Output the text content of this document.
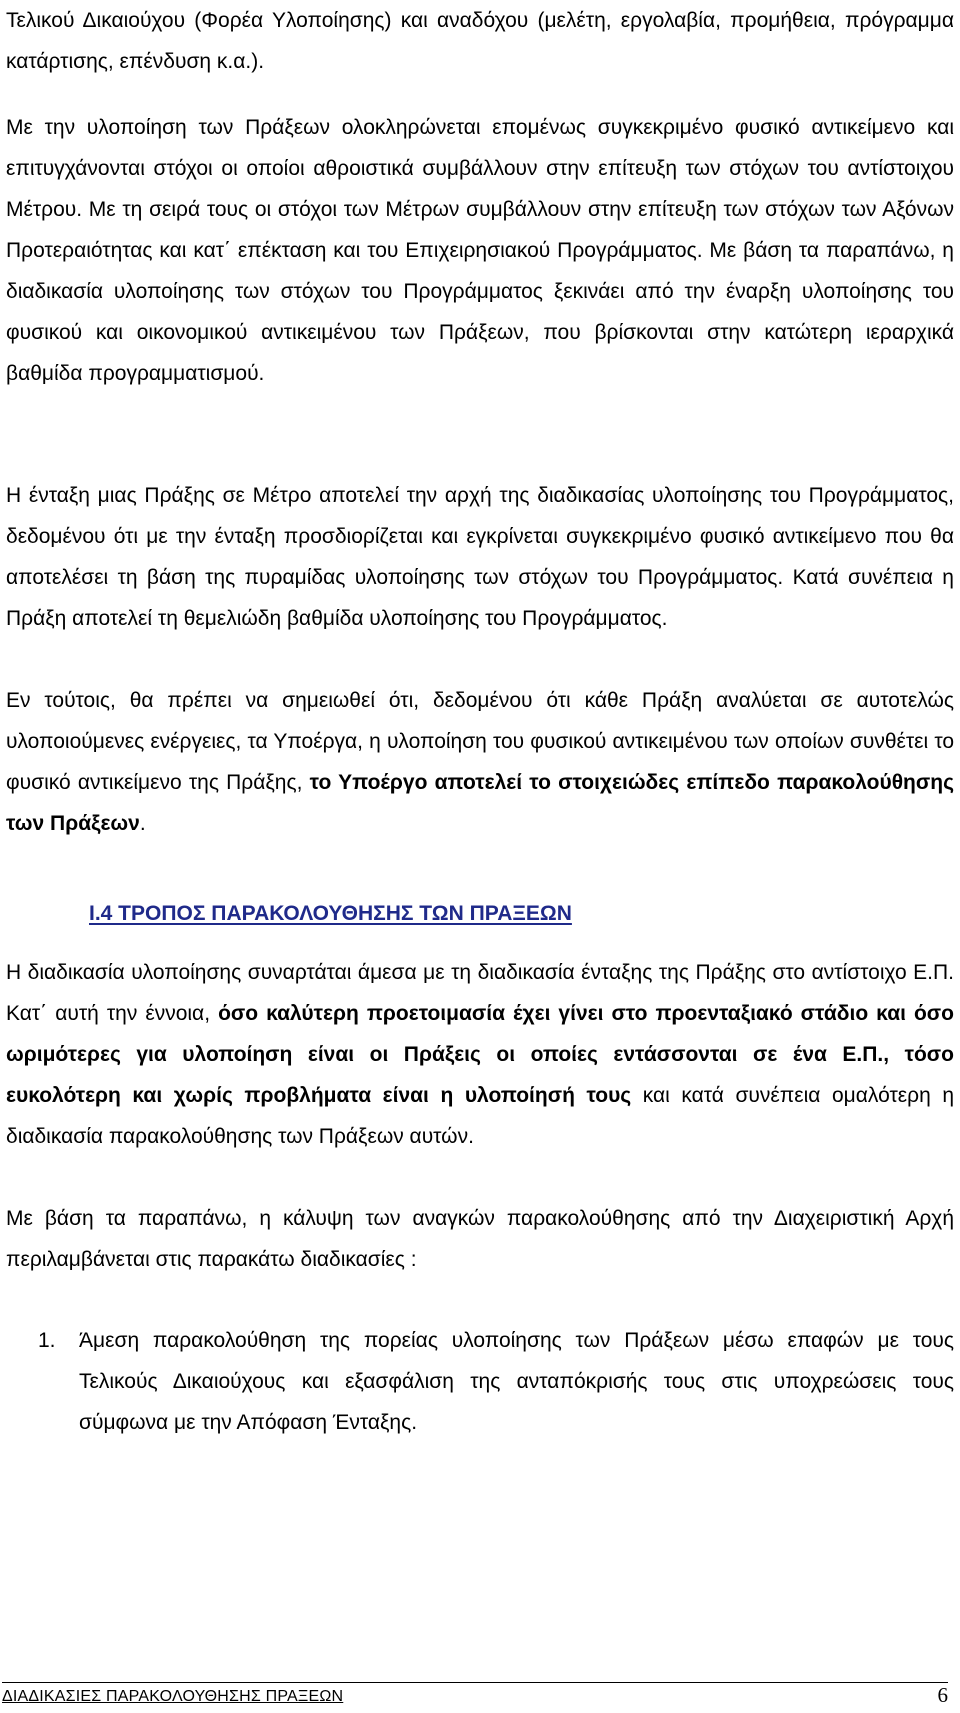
Τελικού Δικαιούχου (Φορέα Υλοποίησης) και αναδόχου (μελέτη, εργολαβία, προμήθεια, πρόγραμμα κατάρτισης, επένδυση κ.α.).

Με την υλοποίηση των Πράξεων ολοκληρώνεται επομένως συγκεκριμένο φυσικό αντικείμενο και επιτυγχάνονται στόχοι οι οποίοι αθροιστικά συμβάλλουν στην επίτευξη των στόχων του αντίστοιχου Μέτρου. Με τη σειρά τους οι στόχοι των Μέτρων συμβάλλουν στην επίτευξη των στόχων των Αξόνων Προτεραιότητας και κατ΄ επέκταση και του Επιχειρησιακού Προγράμματος. Με βάση τα παραπάνω, η διαδικασία υλοποίησης των στόχων του Προγράμματος ξεκινάει από την έναρξη υλοποίησης του φυσικού και οικονομικού αντικειμένου των Πράξεων, που βρίσκονται στην κατώτερη ιεραρχικά βαθμίδα προγραμματισμού.

Η ένταξη μιας Πράξης σε Μέτρο αποτελεί την αρχή της διαδικασίας υλοποίησης του Προγράμματος, δεδομένου ότι με την ένταξη προσδιορίζεται και εγκρίνεται συγκεκριμένο φυσικό αντικείμενο που θα αποτελέσει τη βάση της πυραμίδας υλοποίησης των στόχων του Προγράμματος. Κατά συνέπεια η Πράξη αποτελεί τη θεμελιώδη βαθμίδα υλοποίησης του Προγράμματος.

Εν τούτοις, θα πρέπει να σημειωθεί ότι, δεδομένου ότι κάθε Πράξη αναλύεται σε αυτοτελώς υλοποιούμενες ενέργειες, τα Υποέργα, η υλοποίηση του φυσικού αντικειμένου των οποίων συνθέτει το φυσικό αντικείμενο της Πράξης, το Υποέργο αποτελεί το στοιχειώδες επίπεδο παρακολούθησης των Πράξεων.

I.4 ΤΡΟΠΟΣ ΠΑΡΑΚΟΛΟΥΘΗΣΗΣ ΤΩΝ ΠΡΑΞΕΩΝ

Η διαδικασία υλοποίησης συναρτάται άμεσα με τη διαδικασία ένταξης της Πράξης στο αντίστοιχο Ε.Π. Κατ΄ αυτή την έννοια, όσο καλύτερη προετοιμασία έχει γίνει στο προενταξιακό στάδιο και όσο ωριμότερες για υλοποίηση είναι οι Πράξεις οι οποίες εντάσσονται σε ένα Ε.Π., τόσο ευκολότερη και χωρίς προβλήματα είναι η υλοποίησή τους και κατά συνέπεια ομαλότερη η διαδικασία παρακολούθησης των Πράξεων αυτών.

Με βάση τα παραπάνω, η κάλυψη των αναγκών παρακολούθησης από την Διαχειριστική Αρχή περιλαμβάνεται στις παρακάτω διαδικασίες :

1. Άμεση παρακολούθηση της πορείας υλοποίησης των Πράξεων μέσω επαφών με τους Τελικούς Δικαιούχους και εξασφάλιση της ανταπόκρισής τους στις υποχρεώσεις τους σύμφωνα με την Απόφαση Ένταξης.
ΔΙΑΔΙΚΑΣΙΕΣ ΠΑΡΑΚΟΛΟΥΘΗΣΗΣ ΠΡΑΞΕΩΝ	6
